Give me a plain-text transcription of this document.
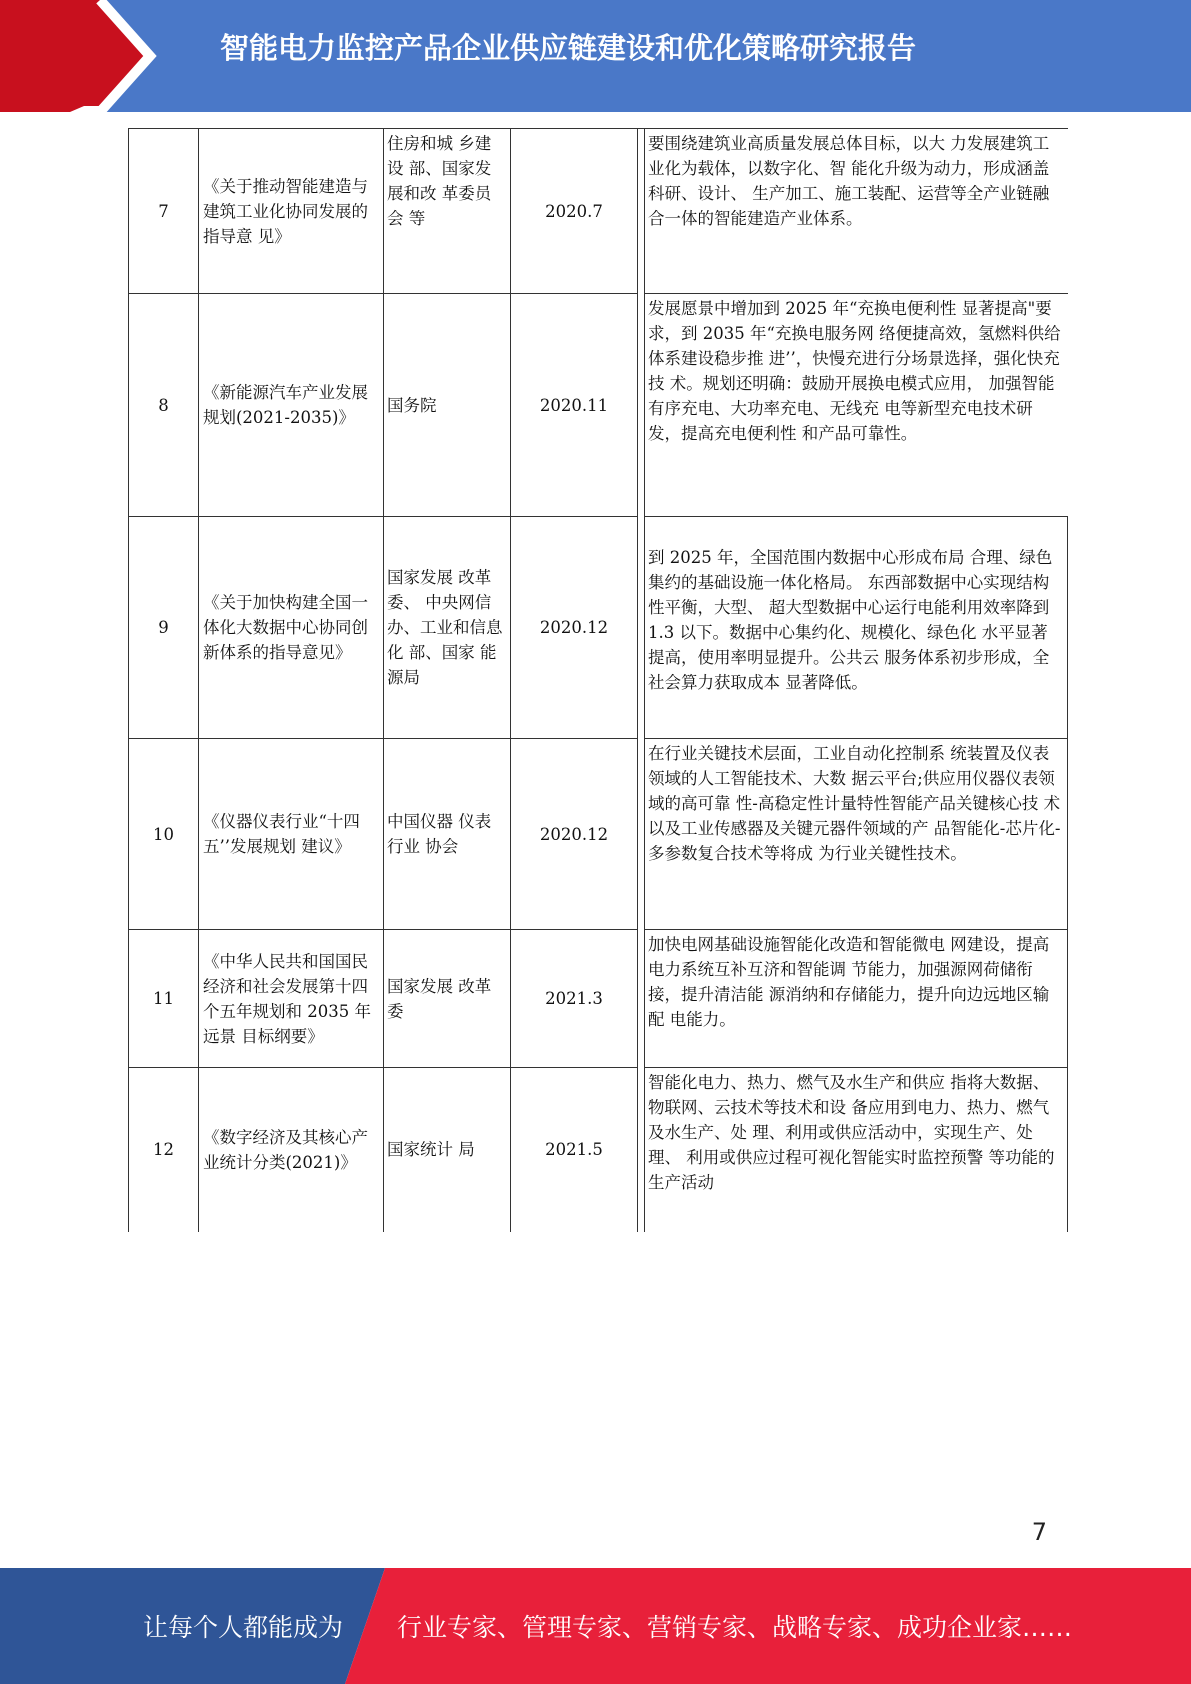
智能电力监控产品企业供应链建设和优化策略研究报告
7	《关于推动智能建造与建筑工业化协同发展的指导意 见》	住房和城 乡建设 部、国家发展和改 革委员会 等	2020.7		要围绕建筑业高质量发展总体目标，以大 力发展建筑工业化为载体，以数字化、智 能化升级为动力，形成涵盖科研、设计、 生产加工、施工装配、运营等全产业链融 合一体的智能建造产业体系。
8	《新能源汽车产业发展规划(2021-2035)》	国务院	2020.11		发展愿景中增加到 2025 年“充换电便利性 显著提高"要求，到 2035 年“充换电服务网 络便捷高效，氢燃料供给体系建设稳步推 进’’，快慢充进行分场景选择，强化快充技 术。规划还明确：鼓励开展换电模式应用， 加强智能有序充电、大功率充电、无线充 电等新型充电技术研发，提高充电便利性 和产品可靠性。
9	《关于加快构建全国一体化大数据中心协同创新体系的指导意见》	国家发展 改革委、 中央网信 办、工业和信息化 部、国家 能源局	2020.12		到 2025 年，全国范围内数据中心形成布局 合理、绿色集约的基础设施一体化格局。 东西部数据中心实现结构性平衡，大型、 超大型数据中心运行电能利用效率降到 1.3 以下。数据中心集约化、规模化、绿色化 水平显著提高，使用率明显提升。公共云 服务体系初步形成，全社会算力获取成本 显著降低。
10	《仪器仪表行业“十四五’’发展规划 建议》	中国仪器 仪表行业 协会	2020.12		在行业关键技术层面，工业自动化控制系 统装置及仪表领域的人工智能技术、大数 据云平台;供应用仪器仪表领域的高可靠 性-高稳定性计量特性智能产品关键核心技 术以及工业传感器及关键元器件领域的产 品智能化-芯片化-多参数复合技术等将成 为行业关键性技术。
11	《中华人民共和国国民经济和社会发展第十四个五年规划和 2035 年远景 目标纲要》	国家发展 改革委	2021.3		加快电网基础设施智能化改造和智能微电 网建设，提高电力系统互补互济和智能调 节能力，加强源网荷储衔接，提升清洁能 源消纳和存储能力，提升向边远地区输配 电能力。
12	《数字经济及其核心产业统计分类(2021)》	国家统计 局	2021.5		智能化电力、热力、燃气及水生产和供应 指将大数据、物联网、云技术等技术和设 备应用到电力、热力、燃气及水生产、处 理、利用或供应活动中，实现生产、处理、 利用或供应过程可视化智能实时监控预警 等功能的生产活动
7
让每个人都能成为 行业专家、管理专家、营销专家、战略专家、成功企业家……
